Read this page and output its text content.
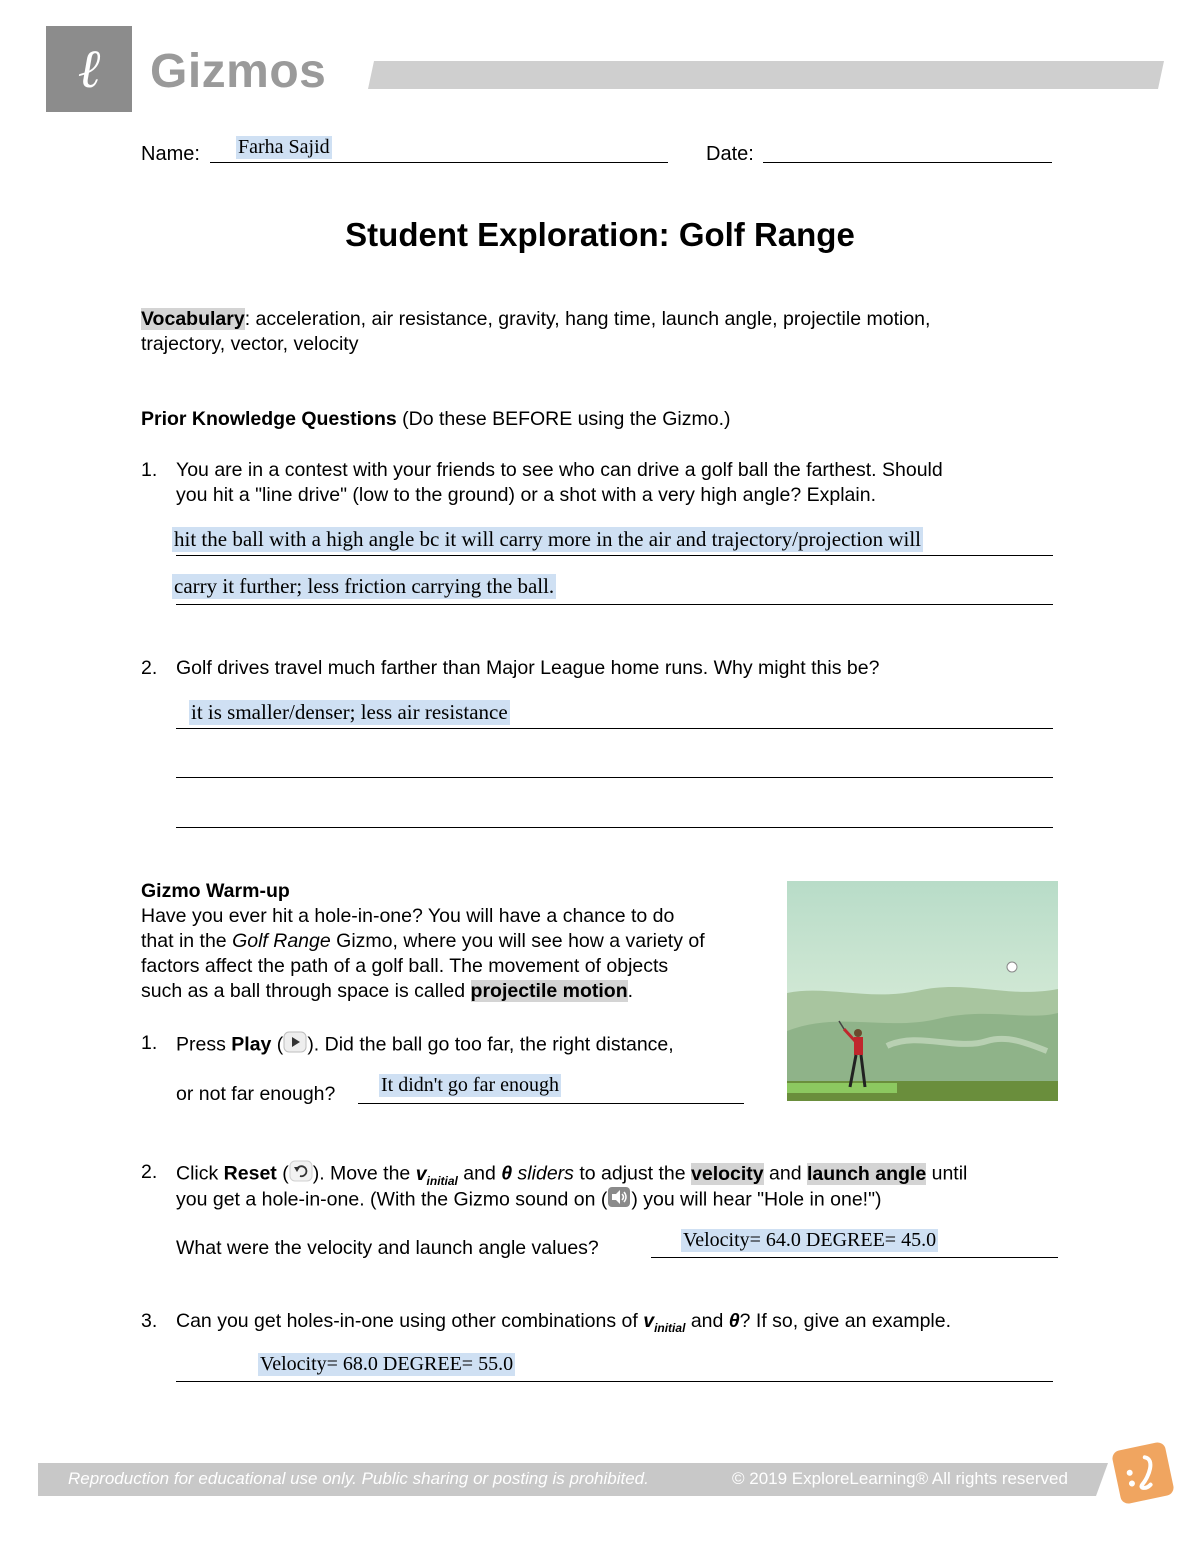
ℓ	Gizmos
Name: Farha Sajid	Date:
Student Exploration: Golf Range
Vocabulary: acceleration, air resistance, gravity, hang time, launch angle, projectile motion,
trajectory, vector, velocity
Prior Knowledge Questions (Do these BEFORE using the Gizmo.)
1. You are in a contest with your friends to see who can drive a golf ball the farthest. Should
you hit a "line drive" (low to the ground) or a shot with a very high angle? Explain.
hit the ball with a high angle bc it will carry more in the air and trajectory/projection will
carry it further; less friction carrying the ball.
2. Golf drives travel much farther than Major League home runs. Why might this be?
it is smaller/denser; less air resistance
Gizmo Warm-up
Have you ever hit a hole-in-one? You will have a chance to do
that in the Golf Range Gizmo, where you will see how a variety of
factors affect the path of a golf ball. The movement of objects
such as a ball through space is called projectile motion.
1. Press Play ( ). Did the ball go too far, the right distance,
or not far enough? It didn't go far enough
2. Click Reset ( ). Move the $v_{initial}$ and θ sliders to adjust the velocity and launch angle until
you get a hole-in-one. (With the Gizmo sound on ( ) you will hear "Hole in one!")
What were the velocity and launch angle values?	Velocity= 64.0 DEGREE= 45.0
3. Can you get holes-in-one using other combinations of $v_{initial}$ and θ? If so, give an example.
Velocity= 68.0 DEGREE= 55.0
Reproduction for educational use only. Public sharing or posting is prohibited.	© 2019 ExploreLearning® All rights reserved
